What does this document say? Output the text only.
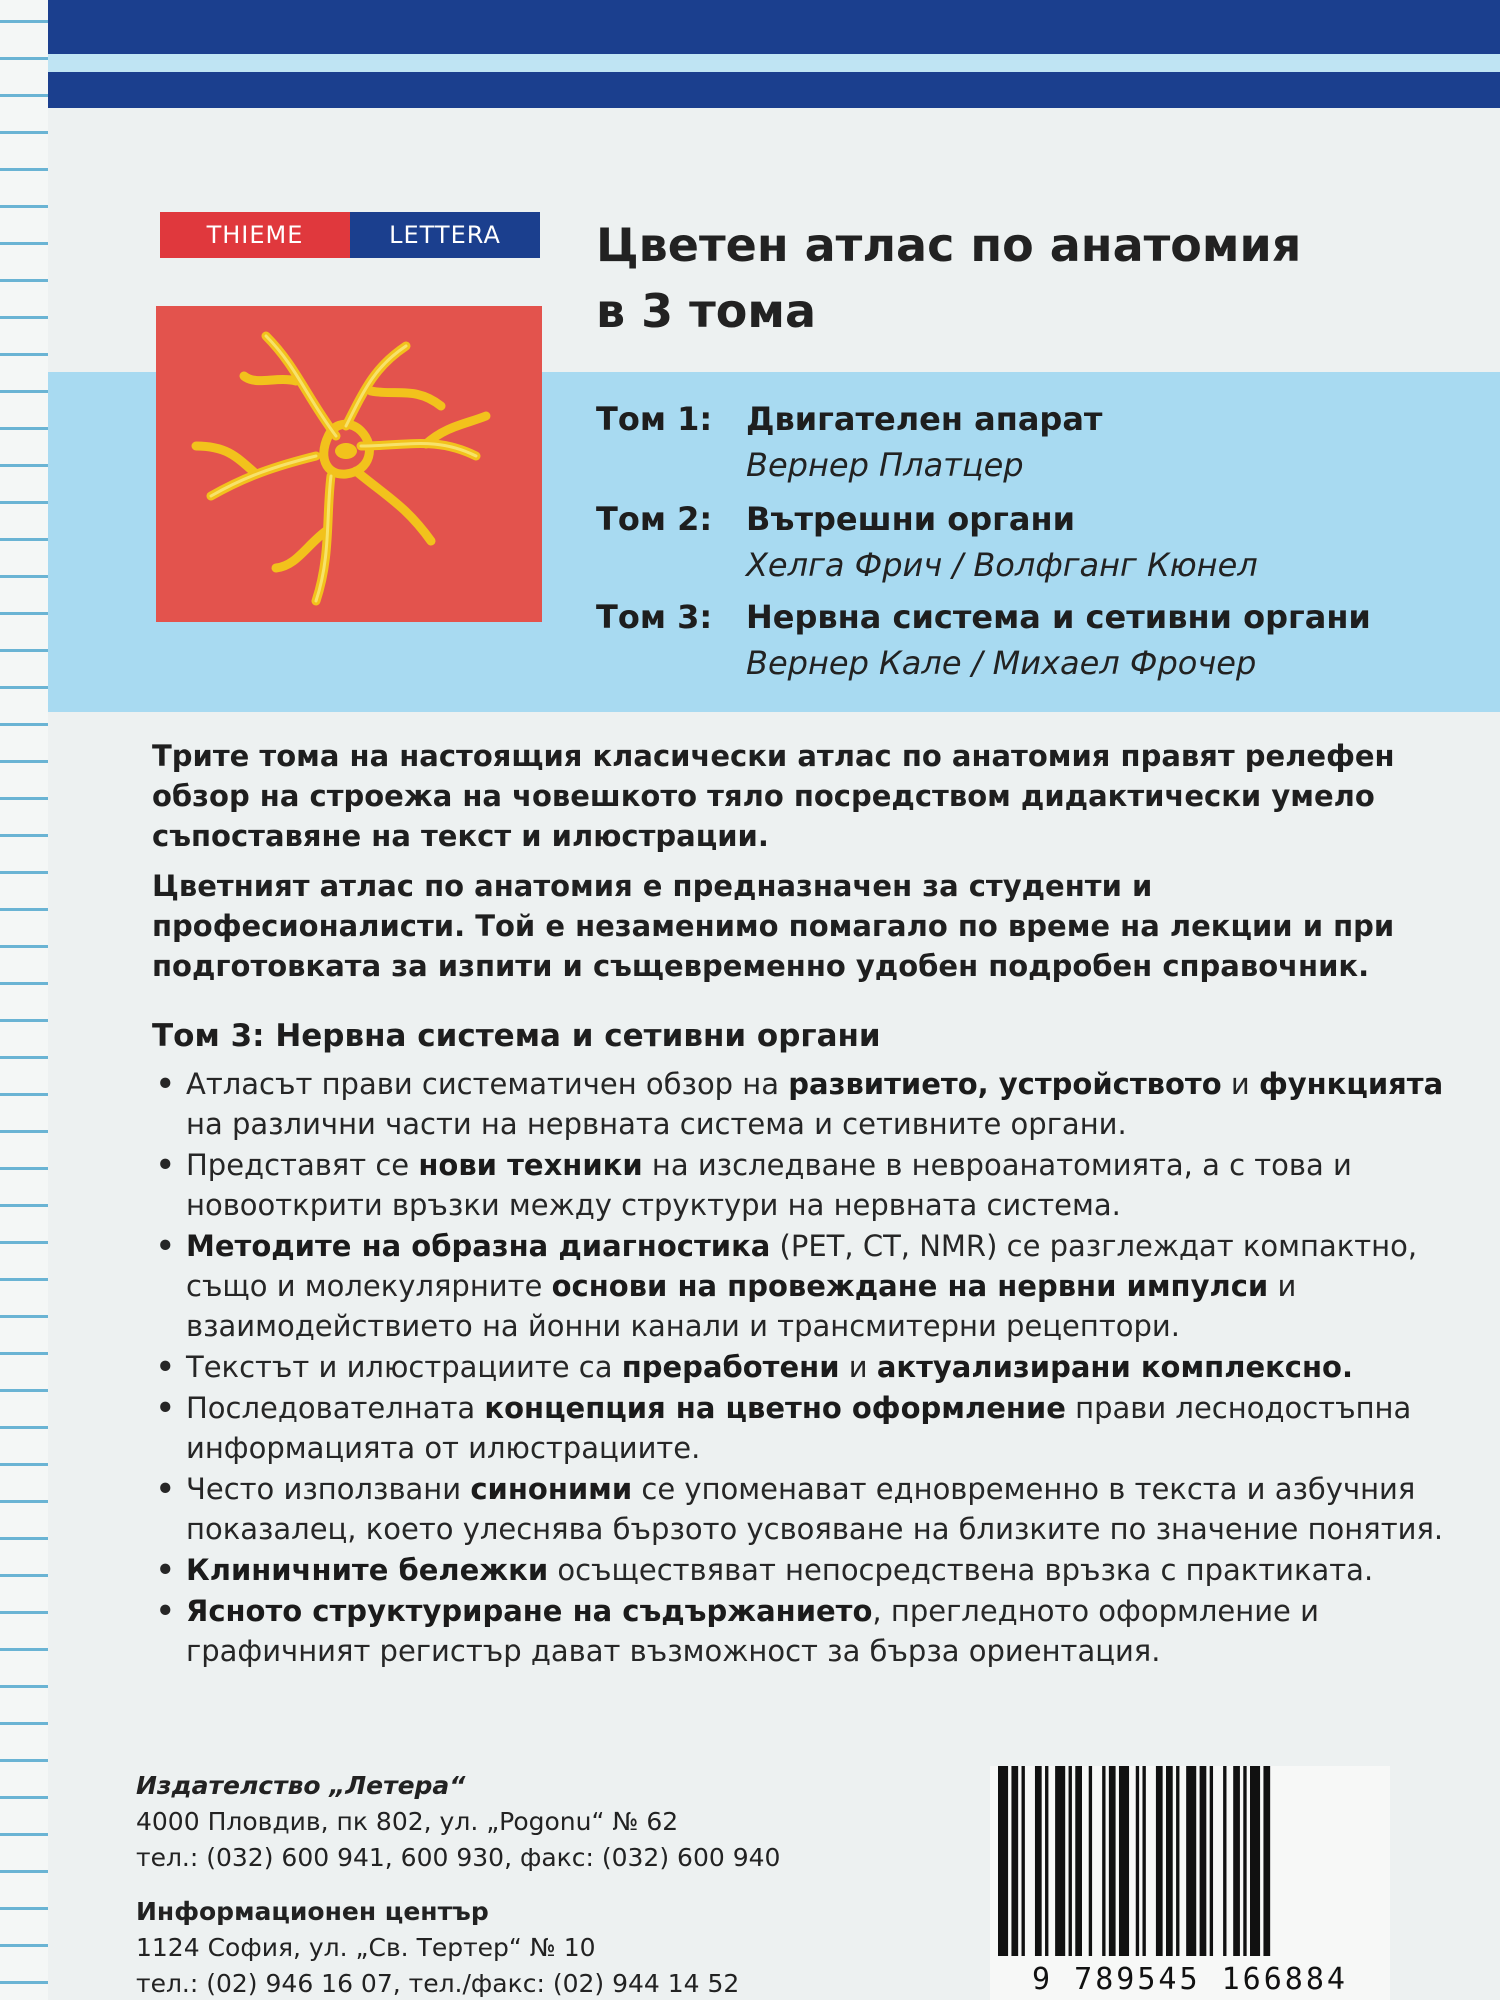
THIEME	LETTERA	Цветен атлас по анатомия
в 3 тома
Том 1: Двигателен апарат
Вернер Платцер
Том 2: Вътрешни органи
Хелга Фрич / Волфганг Кюнел
Том 3: Нервна система и сетивни органи
Вернер Кале / Михаел Фрочер

Трите тома на настоящия класически атлас по анатомия правят релефен обзор на строежа на човешкото тяло посредством дидактически умело съпоставяне на текст и илюстрации.

Цветният атлас по анатомия е предназначен за студенти и професионалисти. Той е незаменимо помагало по време на лекции и при подготовката за изпити и същевременно удобен подробен справочник.

Том 3: Нервна система и сетивни органи
• Атласът прави систематичен обзор на развитието, устройството и функцията на различни части на нервната система и сетивните органи.
• Представят се нови техники на изследване в невроанатомията, а с това и новооткрити връзки между структури на нервната система.
• Методите на образна диагностика (PET, CT, NMR) се разглеждат компактно, също и молекулярните основи на провеждане на нервни импулси и взаимодействието на йонни канали и трансмитерни рецептори.
• Текстът и илюстрациите са преработени и актуализирани комплексно.
• Последователната концепция на цветно оформление прави леснодостъпна информацията от илюстрациите.
• Често използвани синоними се упоменават едновременно в текста и азбучния показалец, което улеснява бързото усвояване на близките по значение понятия.
• Клиничните бележки осъществяват непосредствена връзка с практиката.
• Ясното структуриране на съдържанието, прегледното оформление и графичният регистър дават възможност за бърза ориентация.
Издателство „Летера“
4000 Пловдив, пк 802, ул. „Pogonu“ № 62
тел.: (032) 600 941, 600 930, факс: (032) 600 940
Информационен център
1124 София, ул. „Св. Тертер“ № 10
тел.: (02) 946 16 07, тел./факс: (02) 944 14 52	9 789545 166884
